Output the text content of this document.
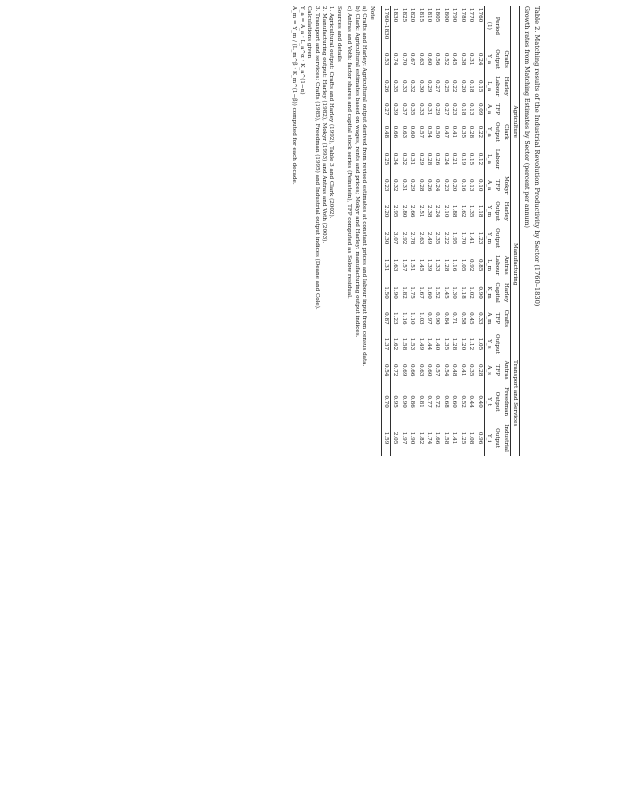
Table 2. Matching results of the Industrial Revolution Productivity by Sector (1760–1830)
Growth rates from Matching Estimates by Sector (percent per annum)
	Agriculture						Manufacturing					Transport and Services			
	Crafts	Harley		Clark		Mokyr	Harley		Antras	Harley	Crafts		Antras	Freedman	Industrial
Period	Output	Labour	TFP	Output	Labour	TFP	Output	Output	Labour	Capital	TFP	Output	TFP	Output	Output
(1)	Y_a	L_a	A_a	Y_a	L_a	A_a	Y_m	Y_m	L_m	K_m	A_m	Y_s	A_s	Y_t	Y_i
1760	0.24	0.15	0.09	0.22	0.12	0.10	1.18	1.23	0.85	0.90	0.33	1.05	0.28	0.40	0.96
1770	0.31	0.18	0.13	0.28	0.15	0.13	1.35	1.41	0.92	1.02	0.45	1.12	0.35	0.44	1.08
1780	0.38	0.20	0.18	0.35	0.19	0.16	1.62	1.70	1.05	1.18	0.58	1.20	0.41	0.52	1.25
1790	0.45	0.22	0.23	0.41	0.21	0.20	1.88	1.95	1.16	1.30	0.71	1.28	0.48	0.60	1.41
1800	0.52	0.25	0.27	0.47	0.24	0.23	2.10	2.22	1.28	1.45	0.84	1.35	0.54	0.68	1.58
1805	0.56	0.27	0.29	0.50	0.26	0.24	2.24	2.35	1.33	1.52	0.90	1.40	0.57	0.72	1.66
1810	0.60	0.29	0.31	0.54	0.28	0.26	2.38	2.49	1.39	1.60	0.97	1.44	0.60	0.77	1.74
1815	0.63	0.30	0.33	0.57	0.29	0.28	2.51	2.63	1.45	1.67	1.03	1.49	0.63	0.81	1.82
1820	0.67	0.32	0.35	0.60	0.31	0.29	2.66	2.78	1.51	1.75	1.10	1.53	0.66	0.86	1.90
1825	0.70	0.33	0.37	0.63	0.32	0.31	2.80	2.92	1.57	1.82	1.16	1.58	0.69	0.90	1.97
1830	0.74	0.35	0.39	0.66	0.34	0.32	2.95	3.07	1.63	1.90	1.23	1.62	0.72	0.95	2.05
1760–1830	0.53	0.26	0.27	0.48	0.25	0.23	2.20	2.30	1.31	1.50	0.87	1.37	0.54	0.70	1.59

Note

a) Crafts and Harley: Agricultural output derived from revised estimates at constant prices and labour input from census data.

b) Clark: Agricultural estimates based on wages, rents and prices; Mokyr and Harley: manufacturing output indices.

c) Antras and Voth: factor shares and capital stock series (Feinstein), TFP computed as Solow residual.

Sources and details

1. Agricultural output: Crafts and Harley (1992), Table 3 and Clark (2002).

2. Manufacturing output: Harley (1982), Mokyr (1993) and Antras and Voth (2003).

3. Transport and services: Crafts (1985), Freedman (1995) and Industrial output indices (Deane and Cole).

Calculations given

Y_a = A_a · L_a^α · K_a^(1−α)

A_m = Y_m / (L_m^β · K_m^(1−β)) computed for each decade.
